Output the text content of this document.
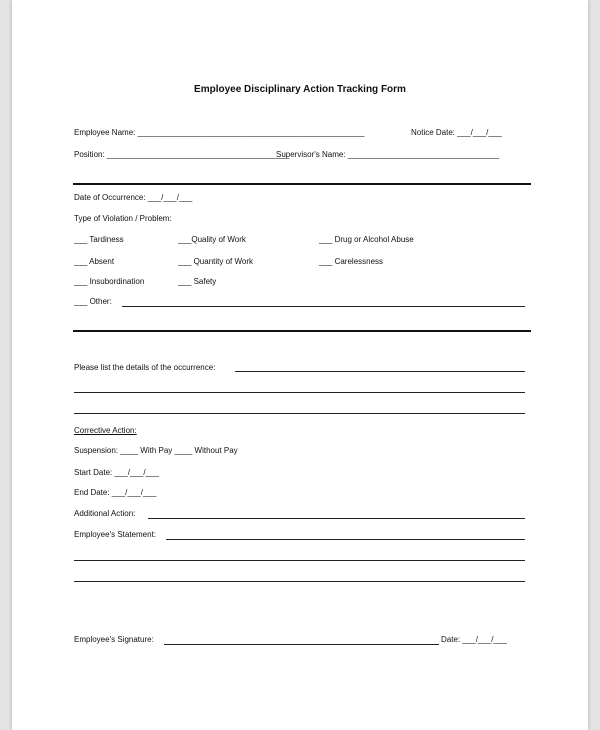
Employee Disciplinary Action Tracking Form
Employee Name: ___________________________________________________	Notice Date: ___/___/___
Position: _________________________________________
Supervisor's Name: __________________________________
Date of Occurrence: ___/___/___
Type of Violation / Problem:
___ Tardiness	___Quality of Work	___ Drug or Alcohol Abuse
___ Absent	___ Quantity of Work	___ Carelessness
___ Insubordination	___ Safety
___ Other:
Please list the details of the occurrence:
Corrective Action:
Suspension: ____ With Pay ____ Without Pay
Start Date: ___/___/___
End Date: ___/___/___
Additional Action:
Employee's Statement:
Employee's Signature:	Date: ___/___/___
